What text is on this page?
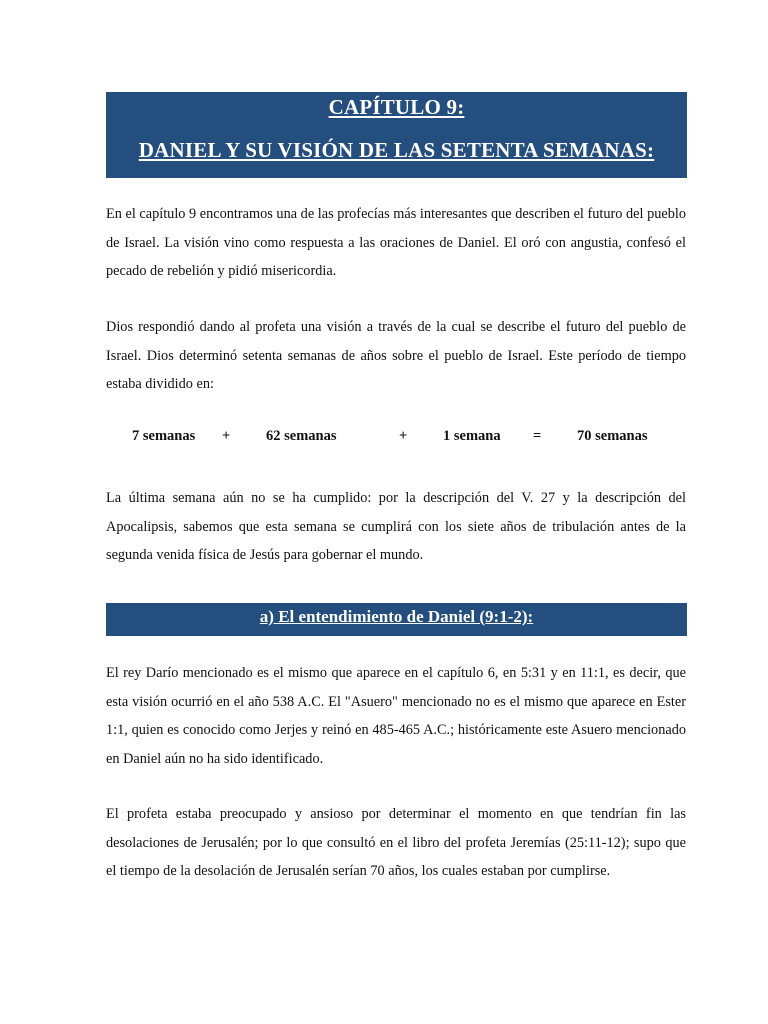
CAPÍTULO 9:
DANIEL Y SU VISIÓN DE LAS SETENTA SEMANAS:

En el capítulo 9 encontramos una de las profecías más interesantes que describen el futuro del pueblo de Israel. La visión vino como respuesta a las oraciones de Daniel. El oró con angustia, confesó el pecado de rebelión y pidió misericordia.

Dios respondió dando al profeta una visión a través de la cual se describe el futuro del pueblo de Israel. Dios determinó setenta semanas de años sobre el pueblo de Israel. Este período de tiempo estaba dividido en:

7 semanas + 62 semanas	+ 1 semana = 70 semanas

La última semana aún no se ha cumplido: por la descripción del V. 27 y la descripción del Apocalipsis, sabemos que esta semana se cumplirá con los siete años de tribulación antes de la segunda venida física de Jesús para gobernar el mundo.

a) El entendimiento de Daniel (9:1-2):

El rey Darío mencionado es el mismo que aparece en el capítulo 6, en 5:31 y en 11:1, es decir, que esta visión ocurrió en el año 538 A.C. El "Asuero" mencionado no es el mismo que aparece en Ester 1:1, quien es conocido como Jerjes y reinó en 485-465 A.C.; históricamente este Asuero mencionado en Daniel aún no ha sido identificado.

El profeta estaba preocupado y ansioso por determinar el momento en que tendrían fin las desolaciones de Jerusalén; por lo que consultó en el libro del profeta Jeremías (25:11-12); supo que el tiempo de la desolación de Jerusalén serían 70 años, los cuales estaban por cumplirse.
